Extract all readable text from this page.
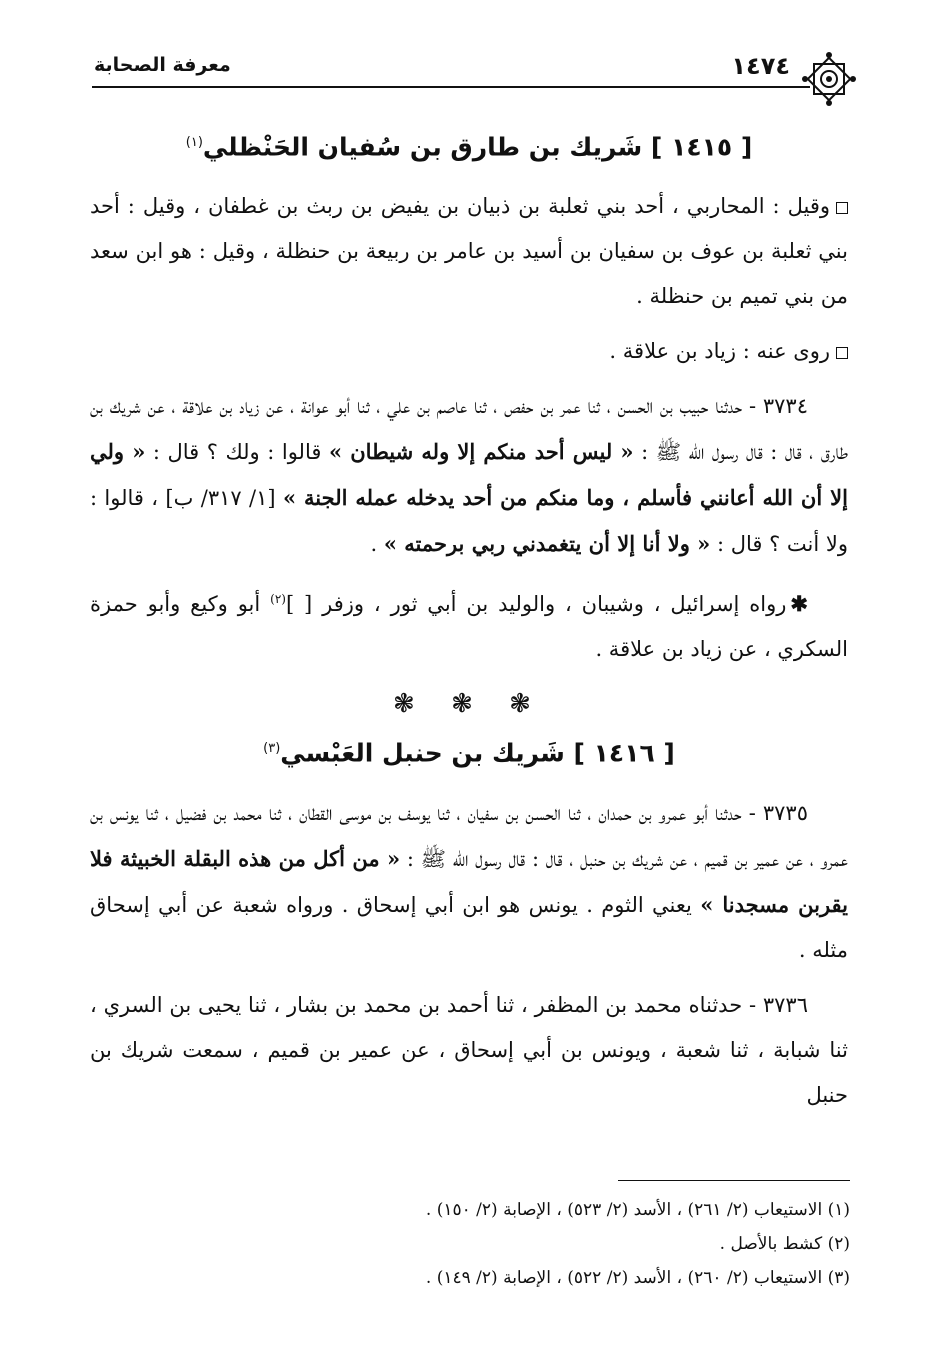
معرفة الصحابة	١٤٧٤
[ ١٤١٥ ] شَريك بن طارق بن سُفيان الحَنْظلي$^{(١)}$

وقيل : المحاربي ، أحد بني ثعلبة بن ذبيان بن يفيض بن ربث بن غطفان ، وقيل : أحد بني ثعلبة بن عوف بن سفيان بن أسيد بن عامر بن ربيعة بن حنظلة ، وقيل : هو ابن سعد من بني تميم بن حنظلة .

روى عنه : زياد بن علاقة .

٣٧٣٤ - حدثنا حبيب بن الحسن ، ثنا عمر بن حفص ، ثنا عاصم بن علي ، ثنا أبو عوانة ، عن زياد بن علاقة ، عن شريك بن طارق ، قال : قال رسول الله ﷺ : « ليس أحد منكم إلا وله شيطان » قالوا : ولك ؟ قال : « ولي إلا أن الله أعانني فأسلم ، وما منكم من أحد يدخله عمله الجنة » [١/ ٣١٧/ ب] ، قالوا : ولا أنت ؟ قال : « ولا أنا إلا أن يتغمدني ربي برحمته » .

✱رواه إسرائيل ، وشيبان ، والوليد بن أبي ثور ، وزفر [ ]$^{(٢)}$ أبو وكيع وأبو حمزة السكري ، عن زياد بن علاقة .

❃ ❃ ❃
[ ١٤١٦ ] شَريك بن حنبل العَبْسي$^{(٣)}$

٣٧٣٥ - حدثنا أبو عمرو بن حمدان ، ثنا الحسن بن سفيان ، ثنا يوسف بن موسى القطان ، ثنا محمد بن فضيل ، ثنا يونس بن عمرو ، عن عمير بن قميم ، عن شريك بن حنبل ، قال : قال رسول الله ﷺ : « من أكل من هذه البقلة الخبيثة فلا يقربن مسجدنا » يعني الثوم . يونس هو ابن أبي إسحاق . ورواه شعبة عن أبي إسحاق مثله .

٣٧٣٦ - حدثناه محمد بن المظفر ، ثنا أحمد بن محمد بن بشار ، ثنا يحيى بن السري ، ثنا شبابة ، ثنا شعبة ، ويونس بن أبي إسحاق ، عن عمير بن قميم ، سمعت شريك بن حنبل

(١) الاستيعاب (٢/ ٢٦١) ، الأسد (٢/ ٥٢٣) ، الإصابة (٢/ ١٥٠) .
(٢) كشط بالأصل .
(٣) الاستيعاب (٢/ ٢٦٠) ، الأسد (٢/ ٥٢٢) ، الإصابة (٢/ ١٤٩) .
